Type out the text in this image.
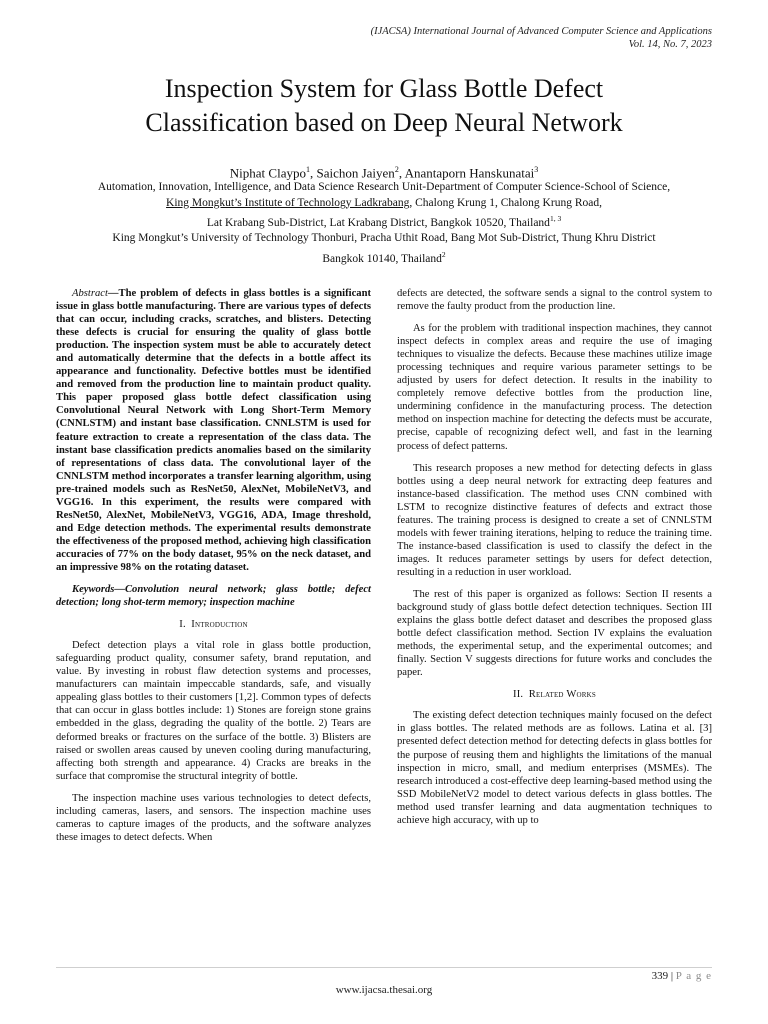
(IJACSA) International Journal of Advanced Computer Science and Applications
Vol. 14, No. 7, 2023
Inspection System for Glass Bottle Defect
Classification based on Deep Neural Network
Niphat Claypo$^1$, Saichon Jaiyen$^2$, Anantaporn Hanskunatai$^3$
Automation, Innovation, Intelligence, and Data Science Research Unit-Department of Computer Science-School of Science,
King Mongkut’s Institute of Technology Ladkrabang, Chalong Krung 1, Chalong Krung Road,
Lat Krabang Sub-District, Lat Krabang District, Bangkok 10520, Thailand$^{1, 3}$
King Mongkut’s University of Technology Thonburi, Pracha Uthit Road, Bang Mot Sub-District, Thung Khru District
Bangkok 10140, Thailand$^2$

Abstract—The problem of defects in glass bottles is a significant issue in glass bottle manufacturing. There are various types of defects that can occur, including cracks, scratches, and blisters. Detecting these defects is crucial for ensuring the quality of glass bottle production. The inspection system must be able to accurately detect and automatically determine that the defects in a bottle affect its appearance and functionality. Defective bottles must be identified and removed from the production line to maintain product quality. This paper proposed glass bottle defect classification using Convolutional Neural Network with Long Short-Term Memory (CNNLSTM) and instant base classification. CNNLSTM is used for feature extraction to create a representation of the class data. The instant base classification predicts anomalies based on the similarity of representations of class data. The convolutional layer of the CNNLSTM method incorporates a transfer learning algorithm, using pre-trained models such as ResNet50, AlexNet, MobileNetV3, and VGG16. In this experiment, the results were compared with ResNet50, AlexNet, MobileNetV3, VGG16, ADA, Image threshold, and Edge detection methods. The experimental results demonstrate the effectiveness of the proposed method, achieving high classification accuracies of 77% on the body dataset, 95% on the neck dataset, and an impressive 98% on the rotating dataset.

Keywords—Convolution neural network; glass bottle; defect detection; long shot-term memory; inspection machine

I. Introduction

Defect detection plays a vital role in glass bottle production, safeguarding product quality, consumer safety, brand reputation, and value. By investing in robust flaw detection systems and processes, manufacturers can maintain impeccable standards, safe, and visually appealing glass bottles to their customers [1,2]. Common types of defects that can occur in glass bottles include: 1) Stones are foreign stone grains embedded in the glass, degrading the quality of the bottle. 2) Tears are deformed breaks or fractures on the surface of the bottle. 3) Blisters are raised or swollen areas caused by uneven cooling during manufacturing, affecting both strength and appearance. 4) Cracks are breaks in the surface that compromise the structural integrity of bottle.

The inspection machine uses various technologies to detect defects, including cameras, lasers, and sensors. The inspection machine uses cameras to capture images of the products, and the software analyzes these images to detect defects. When

defects are detected, the software sends a signal to the control system to remove the faulty product from the production line.

As for the problem with traditional inspection machines, they cannot inspect defects in complex areas and require the use of imaging techniques to visualize the defects. Because these machines utilize image processing techniques and require various parameter settings to be adjusted by users for defect detection. It results in the inability to completely remove defective bottles from the production line, undermining confidence in the manufacturing process. The detection method on inspection machine for detecting the defects must be accurate, precise, capable of recognizing defect well, and fast in the learning process of defect patterns.

This research proposes a new method for detecting defects in glass bottles using a deep neural network for extracting deep features and instance-based classification. The method uses CNN combined with LSTM to recognize distinctive features of defects and extract those features. The training process is designed to create a set of CNNLSTM models with fewer training iterations, helping to reduce the training time. The instance-based classification is used to classify the defect in the images. It reduces parameter settings by users for defect detection, resulting in a reduction in user workload.

The rest of this paper is organized as follows: Section II resents a background study of glass bottle defect detection techniques. Section III explains the glass bottle defect dataset and describes the proposed glass bottle defect classification method. Section IV explains the evaluation methods, the experimental setup, and the experimental outcomes; and finally. Section V suggests directions for future works and concludes the paper.

II. Related Works

The existing defect detection techniques mainly focused on the defect in glass bottles. The related methods are as follows. Latina et al. [3] presented defect detection method for detecting defects in glass bottles for the purpose of reusing them and highlights the limitations of the manual inspection in micro, small, and medium enterprises (MSMEs). The research introduced a cost-effective deep learning-based method using the SSD MobileNetV2 model to detect various defects in glass bottles. The method used transfer learning and data augmentation techniques to achieve high accuracy, with up to

339 | P a g e
www.ijacsa.thesai.org
